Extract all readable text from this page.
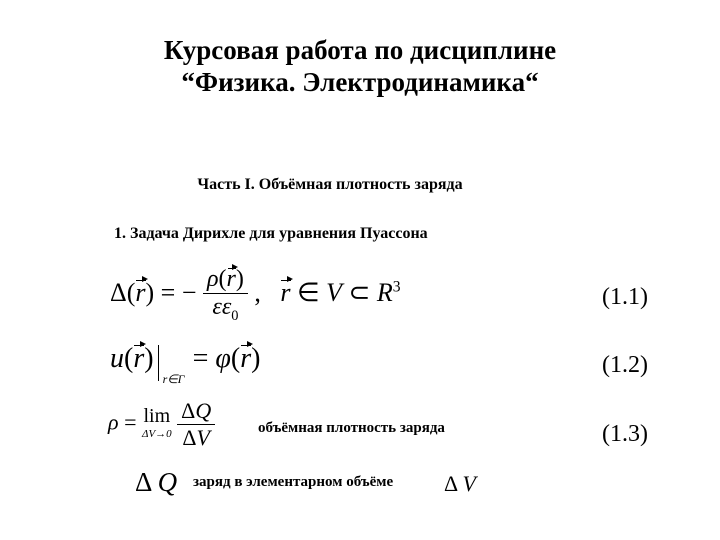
Курсовая работа по дисциплине
“Физика. Электродинамика“
Часть I. Объёмная плотность заряда
1. Задача Дирихле для уравнения Пуассона
Δ(r) = − $\frac{\rho(r)}{\varepsilon\varepsilon_0}$ ,   r ∈ V ⊂ $R^3$	(1.1)
u(r)
r∈Γ
= φ(r)	(1.2)
ρ = lim
ΔV→0
$\frac{\Delta Q}{\Delta V}$	объёмная плотность заряда	(1.3)
Δ Q заряд в элементарном объёме Δ V
